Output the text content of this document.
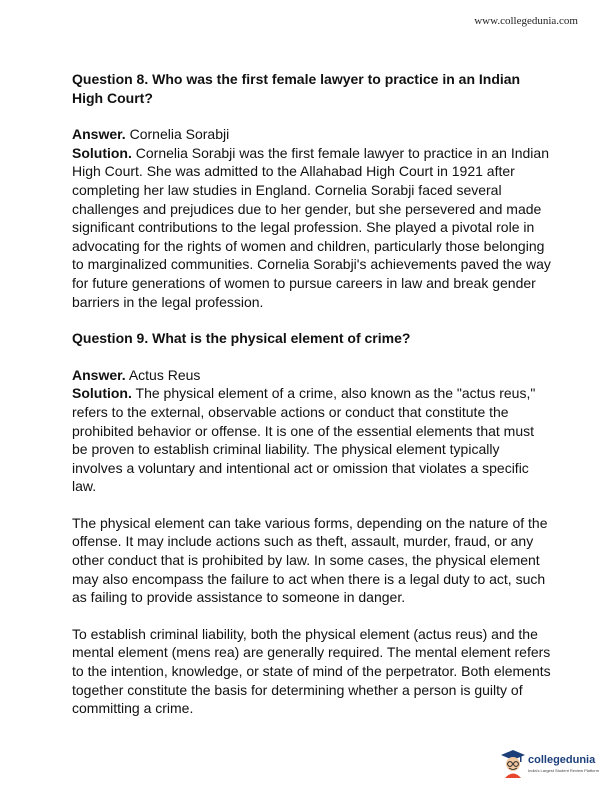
www.collegedunia.com

Question 8. Who was the first female lawyer to practice in an Indian High Court?

Answer. Cornelia Sorabji

Solution. Cornelia Sorabji was the first female lawyer to practice in an Indian High Court. She was admitted to the Allahabad High Court in 1921 after completing her law studies in England. Cornelia Sorabji faced several challenges and prejudices due to her gender, but she persevered and made significant contributions to the legal profession. She played a pivotal role in advocating for the rights of women and children, particularly those belonging to marginalized communities. Cornelia Sorabji's achievements paved the way for future generations of women to pursue careers in law and break gender barriers in the legal profession.

Question 9. What is the physical element of crime?

Answer. Actus Reus

Solution. The physical element of a crime, also known as the "actus reus," refers to the external, observable actions or conduct that constitute the prohibited behavior or offense. It is one of the essential elements that must be proven to establish criminal liability. The physical element typically involves a voluntary and intentional act or omission that violates a specific law.

The physical element can take various forms, depending on the nature of the offense. It may include actions such as theft, assault, murder, fraud, or any other conduct that is prohibited by law. In some cases, the physical element may also encompass the failure to act when there is a legal duty to act, such as failing to provide assistance to someone in danger.

To establish criminal liability, both the physical element (actus reus) and the mental element (mens rea) are generally required. The mental element refers to the intention, knowledge, or state of mind of the perpetrator. Both elements together constitute the basis for determining whether a person is guilty of committing a crime.

collegedunia
India's Largest Student Review Platform
